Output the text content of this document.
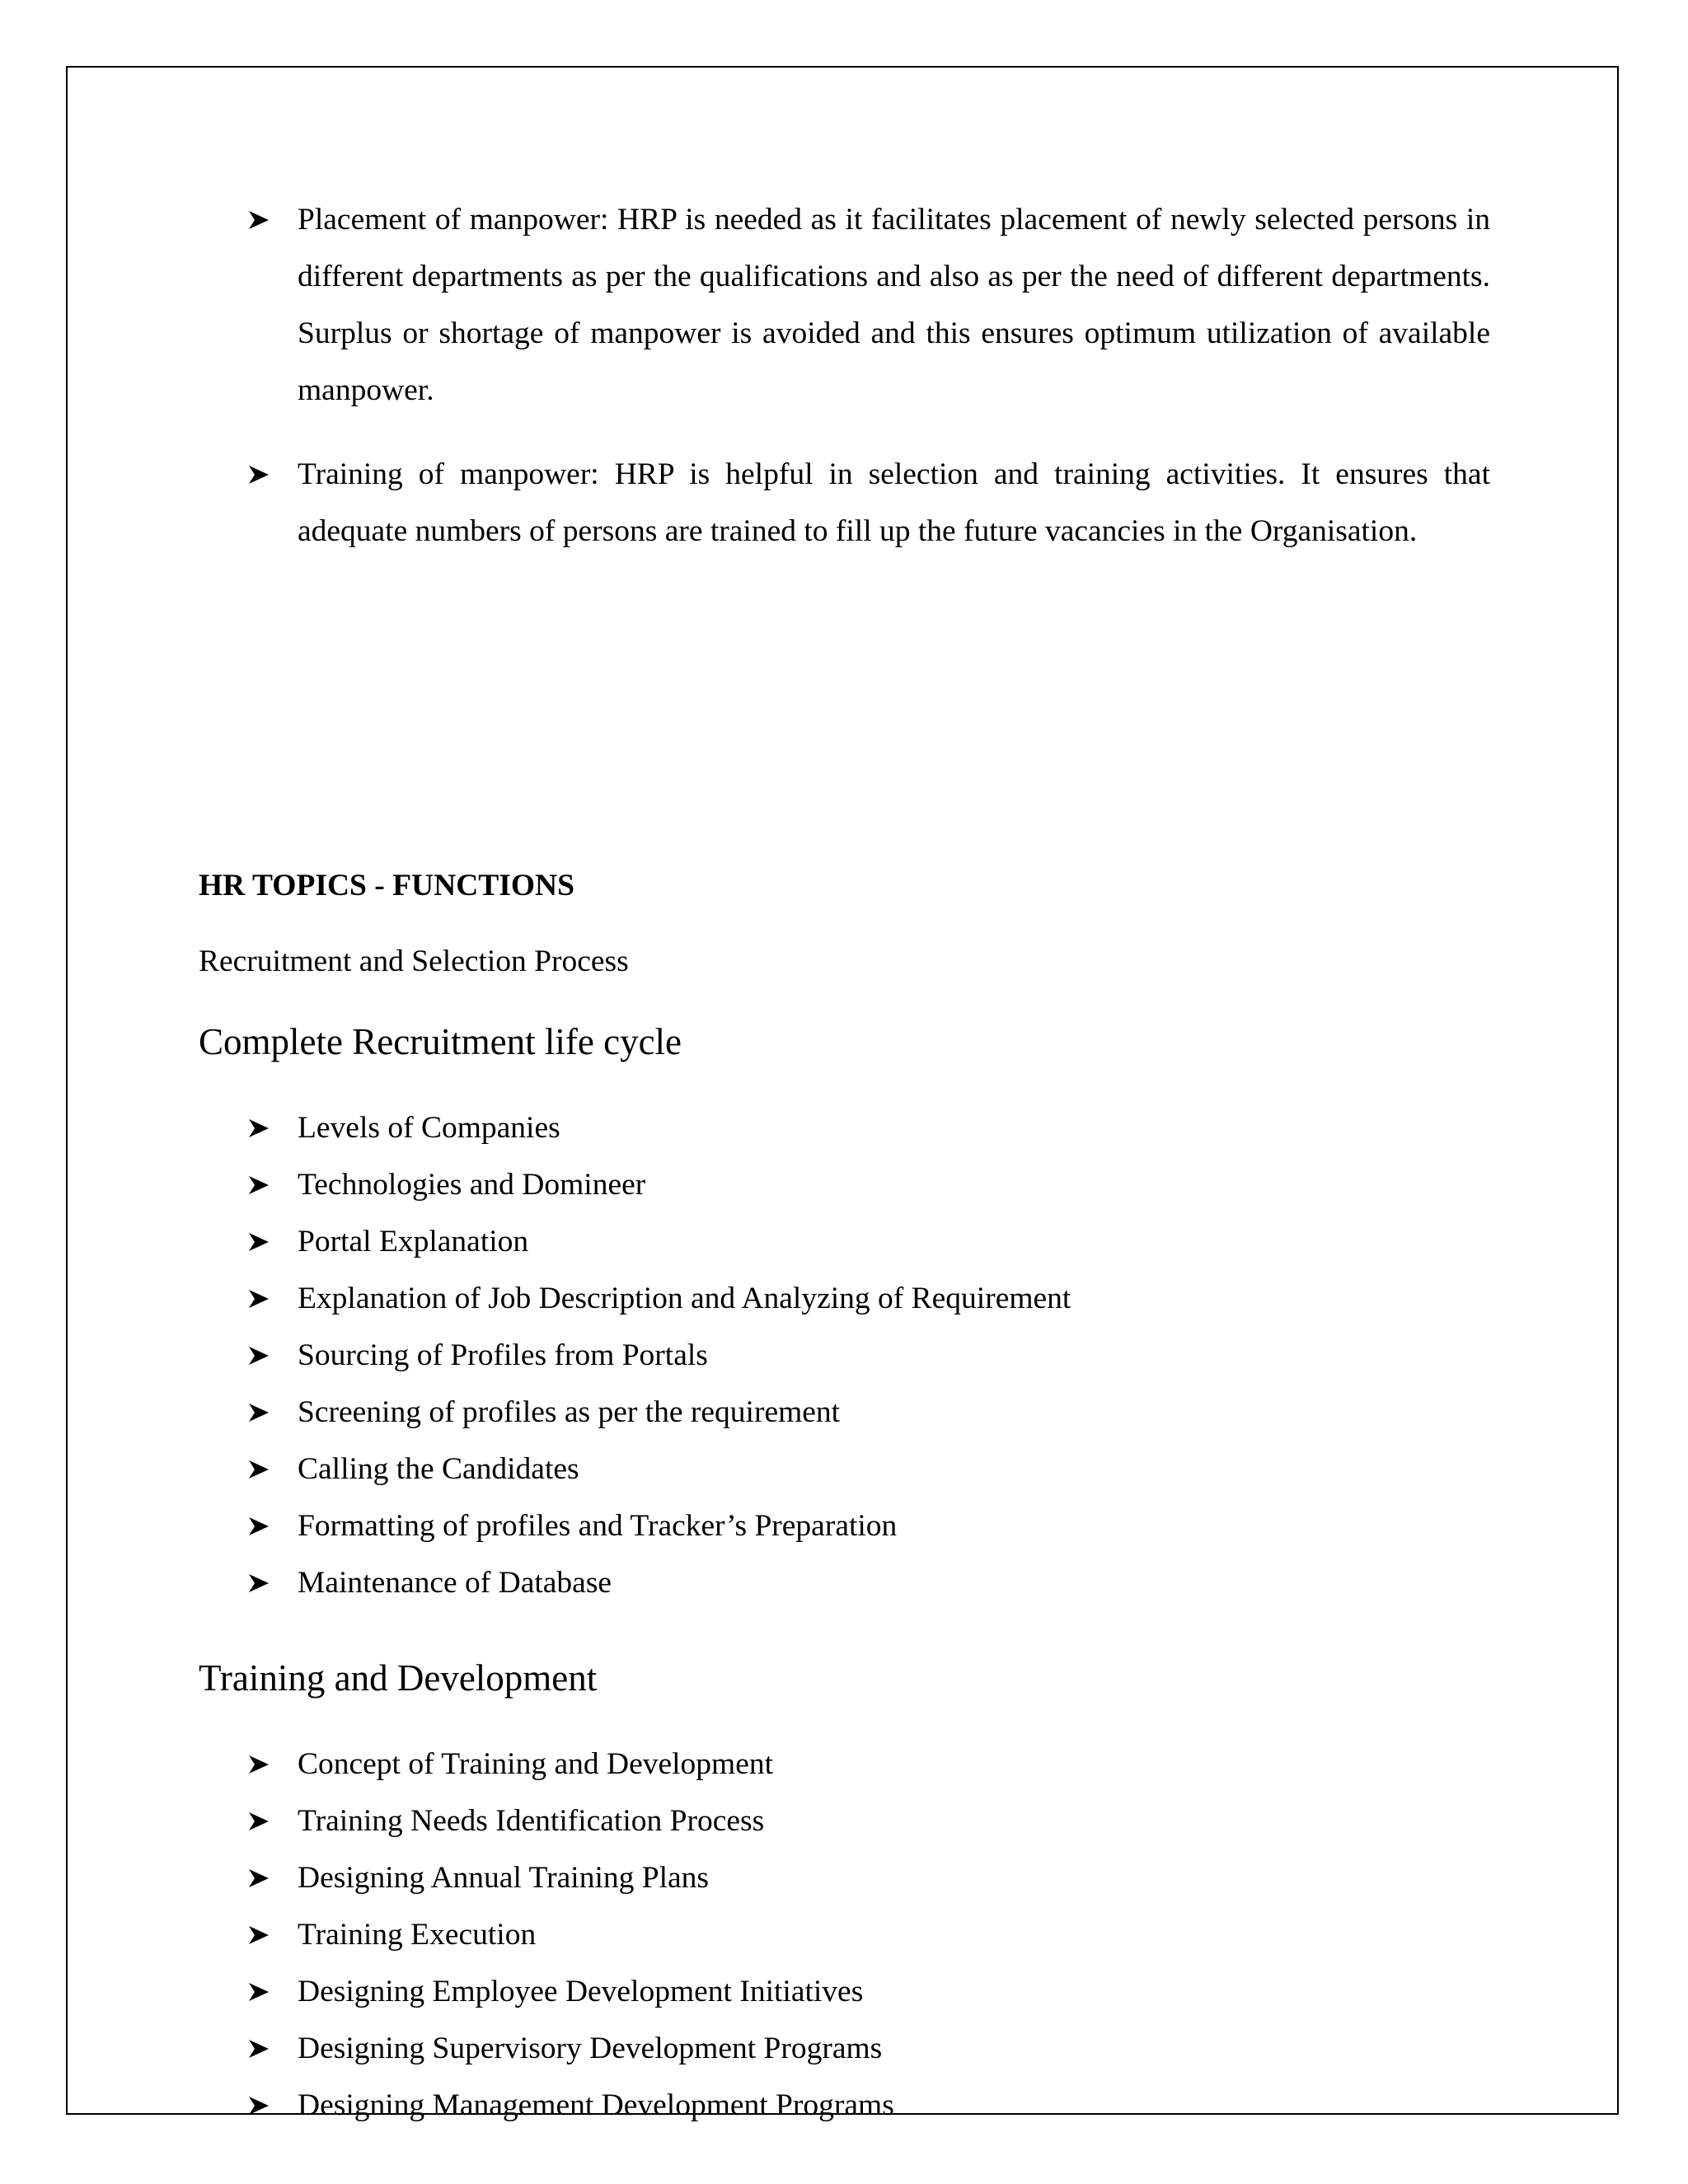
Placement of manpower: HRP is needed as it facilitates placement of newly selected persons in different departments as per the qualifications and also as per the need of different departments. Surplus or shortage of manpower is avoided and this ensures optimum utilization of available manpower.
Training of manpower: HRP is helpful in selection and training activities. It ensures that adequate numbers of persons are trained to fill up the future vacancies in the Organisation.
HR TOPICS - FUNCTIONS
Recruitment and Selection Process
Complete Recruitment life cycle
Levels of Companies
Technologies and Domineer
Portal Explanation
Explanation of Job Description and Analyzing of Requirement
Sourcing of Profiles from Portals
Screening of profiles as per the requirement
Calling the Candidates
Formatting of profiles and Tracker’s Preparation
Maintenance of Database
Training and Development
Concept of Training and Development
Training Needs Identification Process
Designing Annual Training Plans
Training Execution
Designing Employee Development Initiatives
Designing Supervisory Development Programs
Designing Management Development Programs
